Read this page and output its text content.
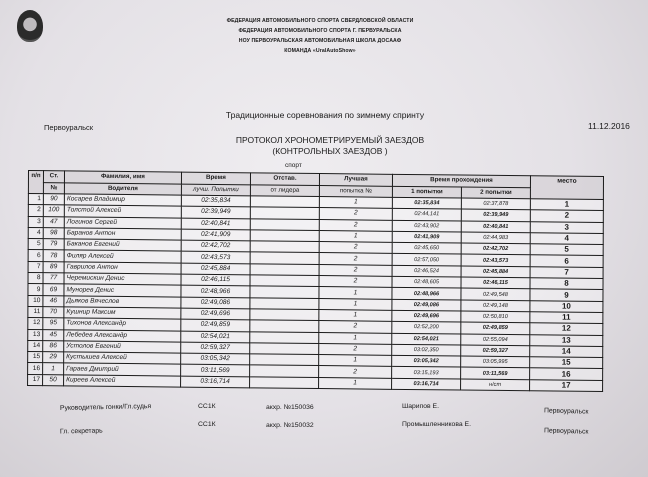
ФЕДЕРАЦИЯ АВТОМОБИЛЬНОГО СПОРТА СВЕРДЛОВСКОЙ ОБЛАСТИ
ФЕДЕРАЦИЯ АВТОМОБИЛЬНОГО СПОРТА Г. ПЕРВУРАЛЬСКА
НОУ ПЕРВОУРАЛЬСКАЯ АВТОМОБИЛЬНАЯ ШКОЛА ДОСААФ
КОМАНДА «UralAutoShow»
Традиционные соревнования по зимнему спринту
Первоуральск	11.12.2016
ПРОТОКОЛ ХРОНОМЕТРИРУЕМЫЙ ЗАЕЗДОВ
(КОНТРОЛЬНЫХ ЗАЕЗДОВ )
спорт
п/п	Ст.	Фамилия, имя	Время	Отстав.	Лучшая	Время прохождения		место
	№	Водителя	лучш. Попытки	от лидера	попытка №	1 попытки	2 попытки	
1	90	Косарев Владимир	02:35,834		1	02:35,834	02:37,878	1
2	100	Толстой Алексей	02:39,949		2	02:44,141	02:39,949	2
3	47	Логинов Сергей	02:40,841		2	02:43,902	02:40,841	3
4	98	Баранов Антон	02:41,909		1	02:41,909	02:44,983	4
5	79	Баканов Евгений	02:42,702		2	02:45,650	02:42,702	5
6	78	Филяр Алексей	02:43,573		2	02:57,050	02:43,573	6
7	89	Гаврилов Антон	02:45,884		2	02:46,524	02:45,884	7
8	77	Черемискин Денис	02:46,115		2	02:48,605	02:46,115	8
9	69	Мунорев Денис	02:48,966		1	02:48,966	02:49,548	9
10	46	Дьяков Вячеслов	02:49,086		1	02:49,086	02:49,148	10
11	70	Кушнир Максим	02:49,696		1	02:49,696	02:50,810	11
12	95	Тихонов Александр	02:49,859		2	02:52,200	02:49,859	12
13	45	Лебедев Александр	02:54,021		1	02:54,021	02:55,094	13
14	86	Устолов Евгений	02:59,327		2	03:02,350	02:59,327	14
15	29	Кустышев Алексей	03:05,342		1	03:05,342	03:05,995	15
16	1	Гараев Дмитрий	03:11,569		2	03:15,193	03:11,569	16
17	50	Киреев Алексей	03:16,714		1	03:16,714	н/ст	17
Руководитель гонки/Гл.судья	СС1К	акхр. №150036	Шарипов Е.
Первоуральск
Гл. секретарь
СС1К	акхр. №150032	Промышленникова Е.
Первоуральск
